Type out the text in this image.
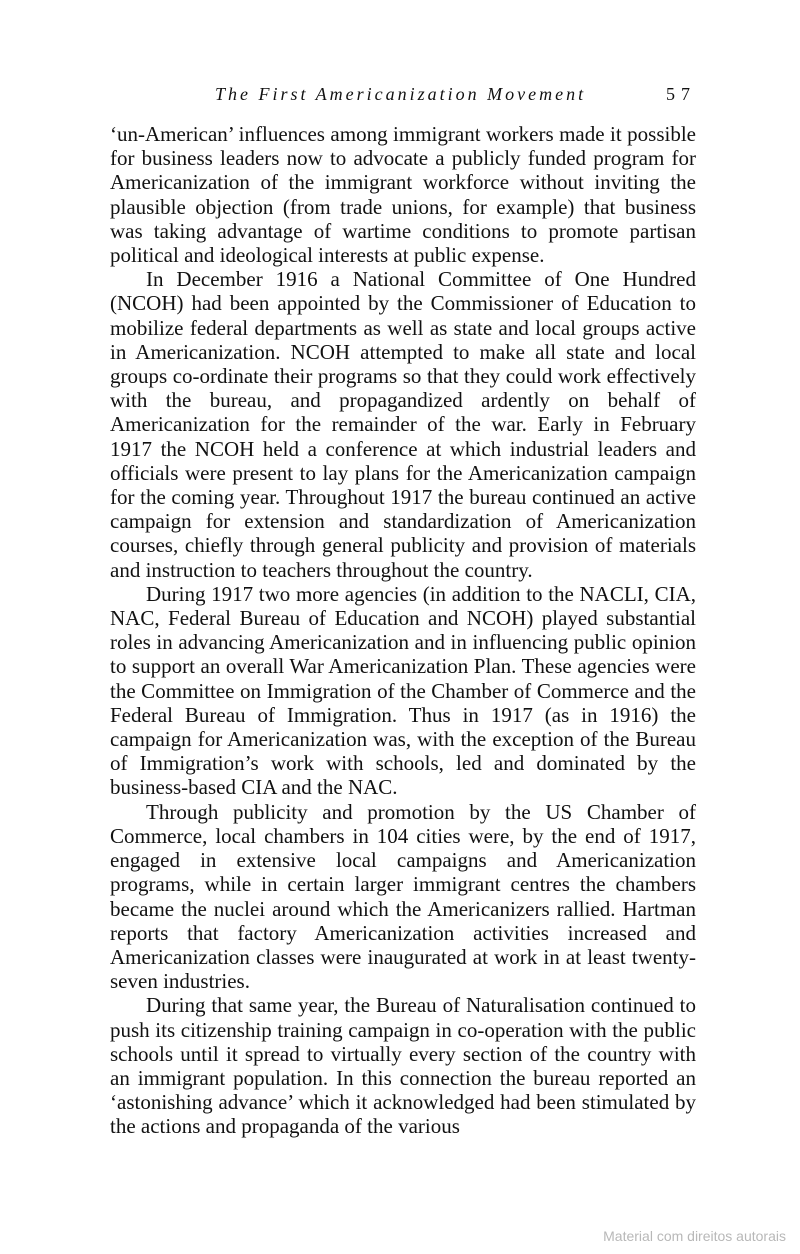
The First Americanization Movement	57

‘un-American’ influences among immigrant workers made it possible for business leaders now to advocate a publicly funded program for Americanization of the immigrant workforce without inviting the plausible objection (from trade unions, for example) that business was taking advantage of wartime conditions to promote partisan political and ideological interests at public expense.

In December 1916 a National Committee of One Hundred (NCOH) had been appointed by the Commissioner of Education to mobilize federal departments as well as state and local groups active in Americanization. NCOH attempted to make all state and local groups co-ordinate their programs so that they could work effectively with the bureau, and propagandized ardently on behalf of Americanization for the remainder of the war. Early in February 1917 the NCOH held a conference at which industrial leaders and officials were present to lay plans for the Americanization campaign for the coming year. Throughout 1917 the bureau continued an active campaign for extension and standardization of Americanization courses, chiefly through general publicity and provision of materials and instruction to teachers throughout the country.

During 1917 two more agencies (in addition to the NACLI, CIA, NAC, Federal Bureau of Education and NCOH) played substantial roles in advancing Americanization and in influencing public opinion to support an overall War Americanization Plan. These agencies were the Committee on Immigration of the Chamber of Commerce and the Federal Bureau of Immigration. Thus in 1917 (as in 1916) the campaign for Americanization was, with the exception of the Bureau of Immigration’s work with schools, led and dominated by the business-based CIA and the NAC.

Through publicity and promotion by the US Chamber of Commerce, local chambers in 104 cities were, by the end of 1917, engaged in extensive local campaigns and Americanization programs, while in certain larger immigrant centres the chambers became the nuclei around which the Americanizers rallied. Hartman reports that factory Americanization activities increased and Americanization classes were inaugurated at work in at least twenty-seven industries.

During that same year, the Bureau of Naturalisation continued to push its citizenship training campaign in co-operation with the public schools until it spread to virtually every section of the country with an immigrant population. In this connection the bureau reported an ‘astonishing advance’ which it acknowledged had been stimulated by the actions and propaganda of the various

Material com direitos autorais
